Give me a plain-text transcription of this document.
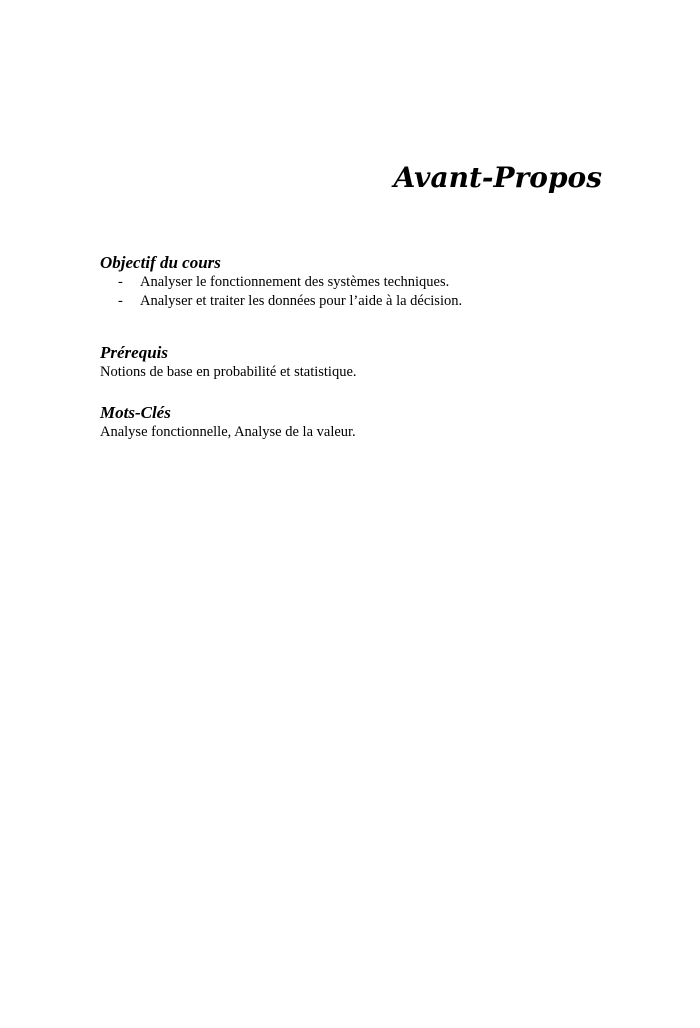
Avant-Propos

Objectif du cours

- Analyser le fonctionnement des systèmes techniques.
- Analyser et traiter les données pour l’aide à la décision.

Prérequis

Notions de base en probabilité et statistique.

Mots-Clés

Analyse fonctionnelle, Analyse de la valeur.
